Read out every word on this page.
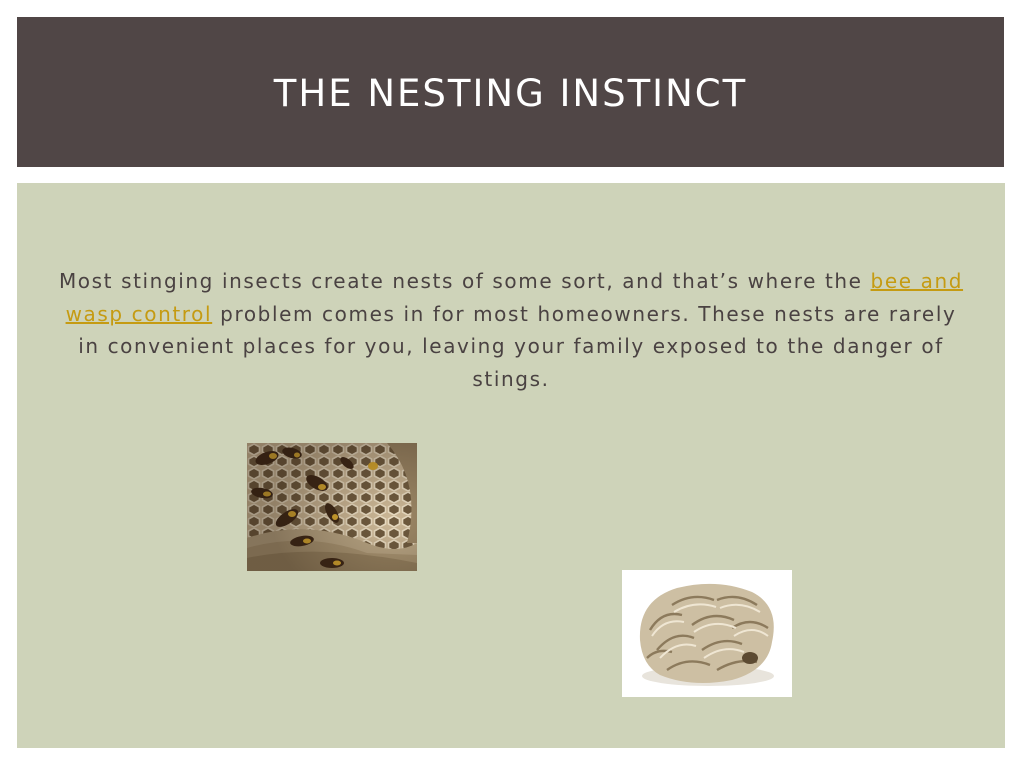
THE NESTING INSTINCT
Most stinging insects create nests of some sort, and that’s where the bee and wasp control problem comes in for most homeowners. These nests are rarely in convenient places for you, leaving your family exposed to the danger of stings.
